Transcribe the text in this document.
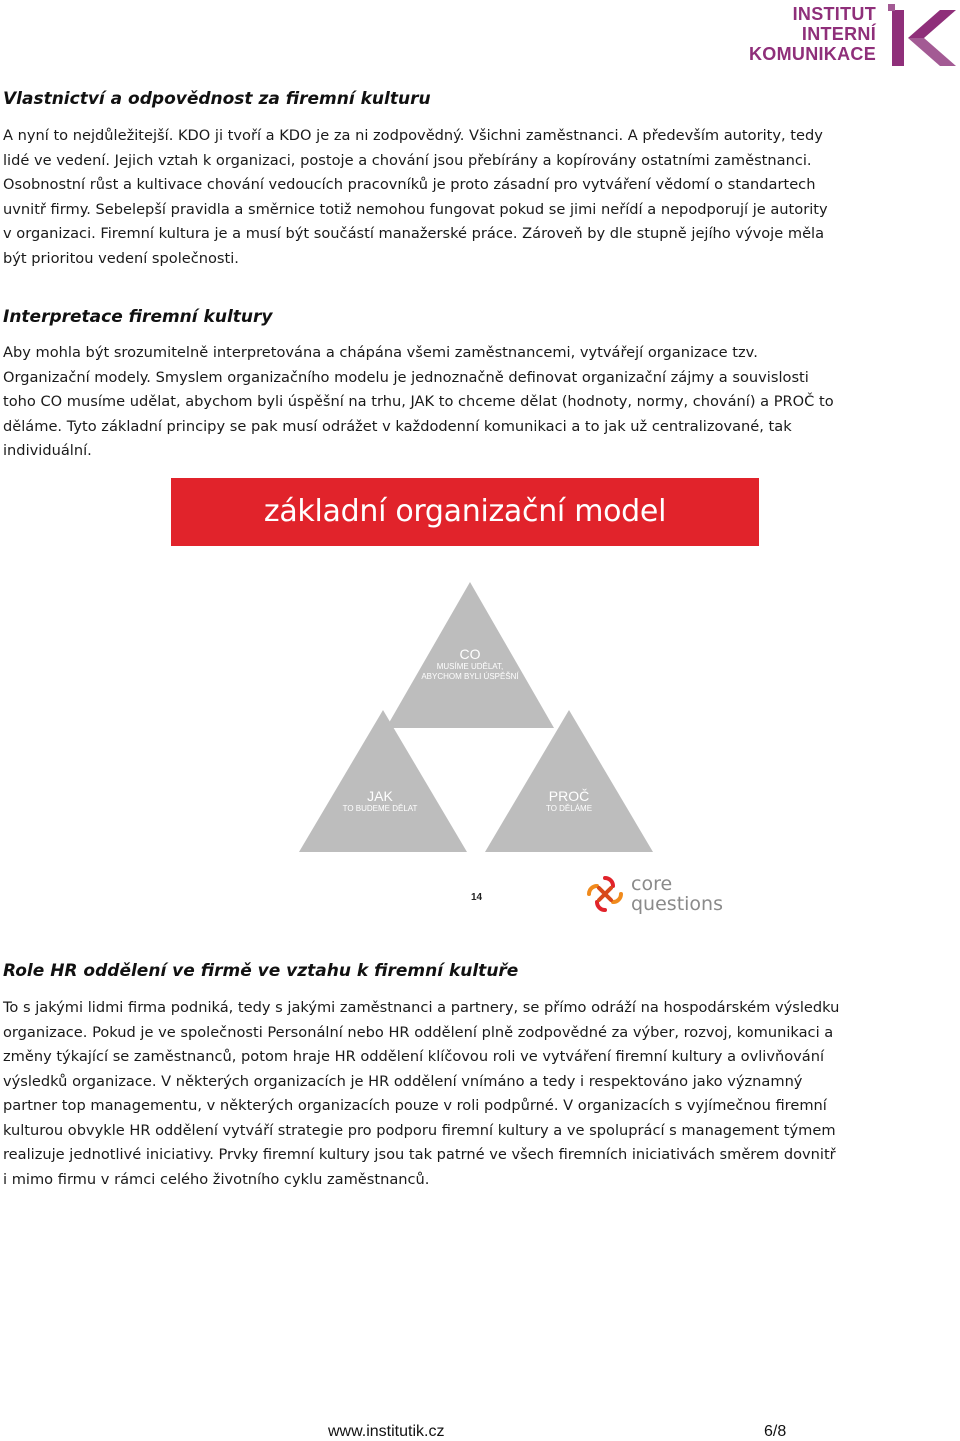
INSTITUT
INTERNÍ
KOMUNIKACE
Vlastnictví a odpovědnost za firemní kulturu

A nyní to nejdůležitejší. KDO ji tvoří a KDO je za ni zodpovědný. Všichni zaměstnanci. A především autority, tedy
lidé ve vedení. Jejich vztah k organizaci, postoje a chování jsou přebírány a kopírovány ostatními zaměstnanci.
Osobnostní růst a kultivace chování vedoucích pracovníků je proto zásadní pro vytváření vědomí o standartech
uvnitř firmy. Sebelepší pravidla a směrnice totiž nemohou fungovat pokud se jimi neřídí a nepodporují je autority
v organizaci. Firemní kultura je a musí být součástí manažerské práce. Zároveň by dle stupně jejího vývoje měla
být prioritou vedení společnosti.

Interpretace firemní kultury

Aby mohla být srozumitelně interpretována a chápána všemi zaměstnancemi, vytvářejí organizace tzv.
Organizační modely. Smyslem organizačního modelu je jednoznačně definovat organizační zájmy a souvislosti
toho CO musíme udělat, abychom byli úspěšní na trhu, JAK to chceme dělat (hodnoty, normy, chování) a PROČ to
děláme. Tyto základní principy se pak musí odrážet v každodenní komunikaci a to jak už centralizované, tak
individuální.

základní organizační model
CO
MUSÍME UDĚLAT,
ABYCHOM BYLI ÚSPĚŠNÍ
JAK
TO BUDEME DĚLAT
PROČ
TO DĚLÁME
14
core
questions
Role HR oddělení ve firmě ve vztahu k firemní kultuře

To s jakými lidmi firma podniká, tedy s jakými zaměstnanci a partnery, se přímo odráží na hospodárském výsledku
organizace. Pokud je ve společnosti Personální nebo HR oddělení plně zodpovědné za výber, rozvoj, komunikaci a
změny týkající se zaměstnanců, potom hraje HR oddělení klíčovou roli ve vytváření firemní kultury a ovlivňování
výsledků organizace. V některých organizacích je HR oddělení vnímáno a tedy i respektováno jako významný
partner top managementu, v některých organizacích pouze v roli podpůrné. V organizacích s vyjímečnou firemní
kulturou obvykle HR oddělení vytváří strategie pro podporu firemní kultury a ve spoluprácí s management týmem
realizuje jednotlivé iniciativy. Prvky firemní kultury jsou tak patrné ve všech firemních iniciativách směrem dovnitř
i mimo firmu v rámci celého životního cyklu zaměstnanců.

www.institutik.cz	6/8
